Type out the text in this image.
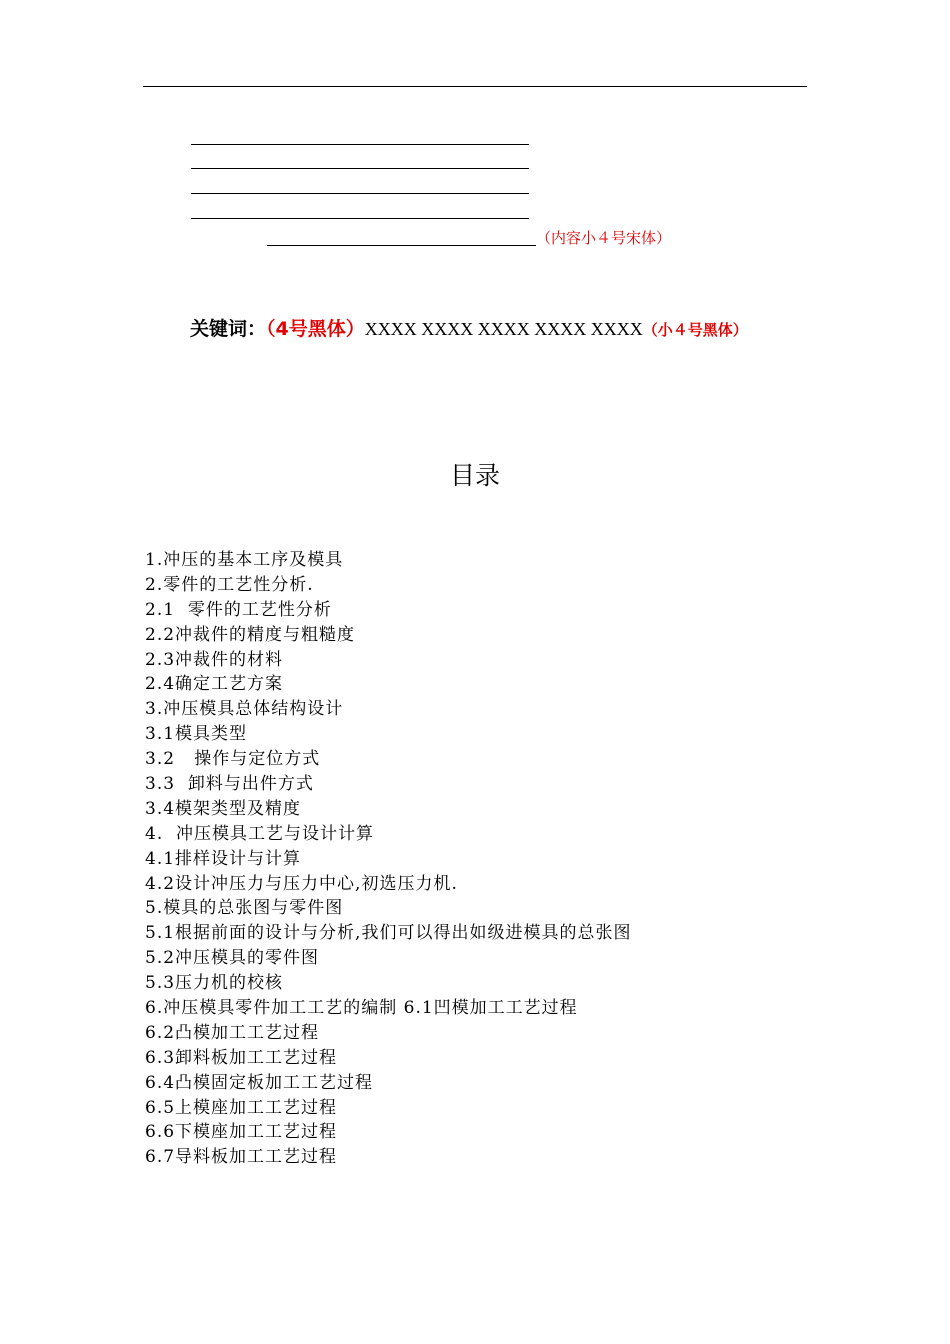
（内容小４号宋体）
关键词：（4号黑体）XXXX XXXX XXXX XXXX XXXX（小４号黑体）
目录
1.冲压的基本工序及模具
2.零件的工艺性分析.
2.1  零件的工艺性分析
2.2冲裁件的精度与粗糙度
2.3冲裁件的材料
2.4确定工艺方案
3.冲压模具总体结构设计
3.1模具类型
3.2   操作与定位方式
3.3  卸料与出件方式
3.4模架类型及精度
4.  冲压模具工艺与设计计算
4.1排样设计与计算
4.2设计冲压力与压力中心,初选压力机.
5.模具的总张图与零件图
5.1根据前面的设计与分析,我们可以得出如级进模具的总张图
5.2冲压模具的零件图
5.3压力机的校核
6.冲压模具零件加工工艺的编制 6.1凹模加工工艺过程
6.2凸模加工工艺过程
6.3卸料板加工工艺过程
6.4凸模固定板加工工艺过程
6.5上模座加工工艺过程
6.6下模座加工工艺过程
6.7导料板加工工艺过程
